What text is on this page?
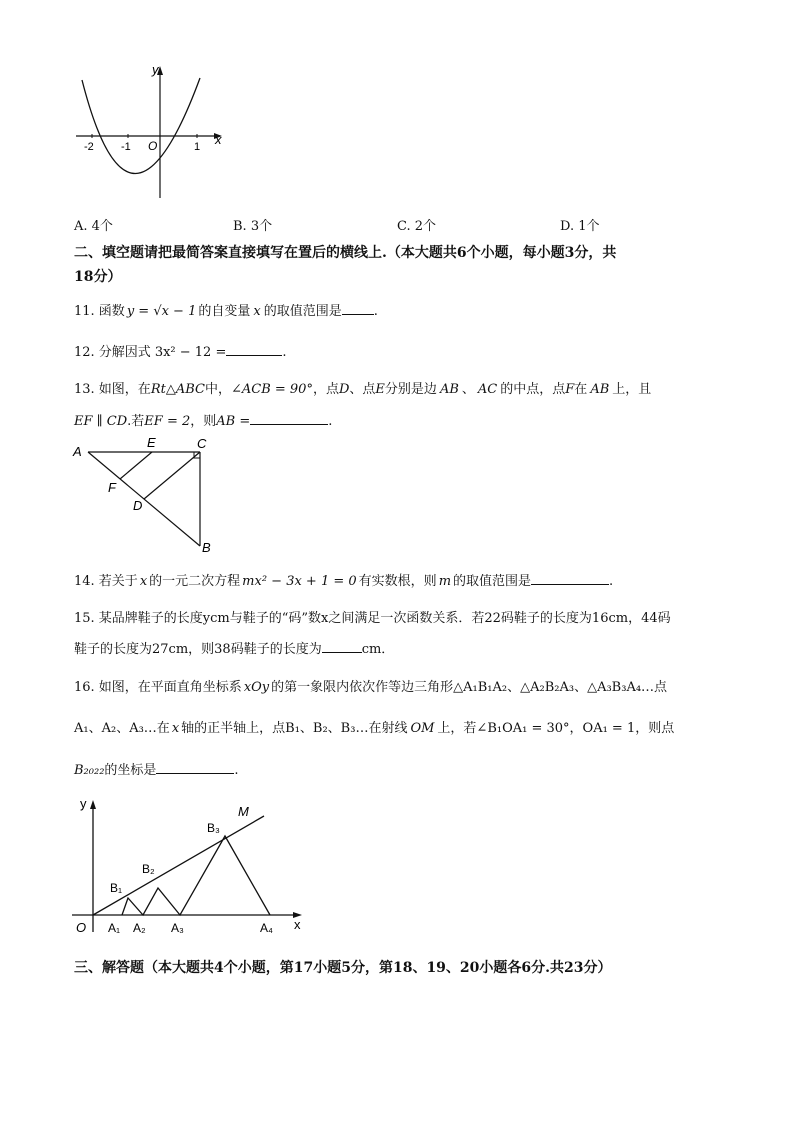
y
x
O
-2 -1	1
A. 4个	B. 3个	C. 2个	D. 1个
二、填空题请把最简答案直接填写在置后的横线上.（本大题共6个小题，每小题3分，共
18分）
11. 函数 y = √x − 1 的自变量 x 的取值范围是 .
12. 分解因式 3x² − 12 =	.
13. 如图，在Rt△ABC中，∠ACB = 90°，点D、点E分别是边 AB 、 AC 的中点，点F在 AB 上，且
EF ∥ CD.若EF = 2，则AB =	.
A
E	C
F
D
B
14. 若关于 x 的一元二次方程 mx² − 3x + 1 = 0 有实数根，则 m 的取值范围是	.
15. 某品牌鞋子的长度ycm与鞋子的“码”数x之间满足一次函数关系．若22码鞋子的长度为16cm，44码
鞋子的长度为27cm，则38码鞋子的长度为	cm．
16. 如图，在平面直角坐标系 xOy 的第一象限内依次作等边三角形△A₁B₁A₂、△A₂B₂A₃、△A₃B₃A₄…点
A₁、A₂、A₃…在 x 轴的正半轴上，点B₁、B₂、B₃…在射线 OM 上，若∠B₁OA₁ = 30°，OA₁ = 1，则点
B₂₀₂₂的坐标是	.
y
x
O
M
A₁ A₂ A₃	A₄
B₁
B₂
B₃
三、解答题（本大题共4个小题，第17小题5分，第18、19、20小题各6分.共23分）
